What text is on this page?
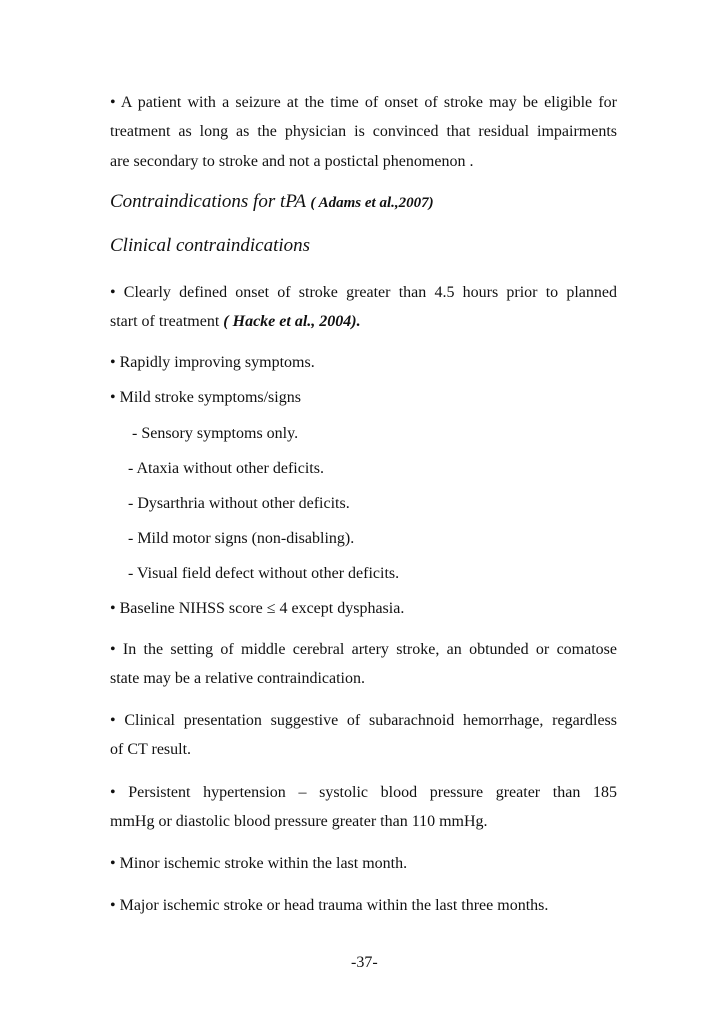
• A patient with a seizure at the time of onset of stroke may be eligible for
treatment as long as the physician is convinced that residual impairments
are secondary to stroke and not a postictal phenomenon .
Contraindications for tPA ( Adams et al.,2007)
Clinical contraindications
• Clearly defined onset of stroke greater than 4.5 hours prior to planned
start of treatment ( Hacke et al., 2004).
• Rapidly improving symptoms.
• Mild stroke symptoms/signs
- Sensory symptoms only.
- Ataxia without other deficits.
- Dysarthria without other deficits.
- Mild motor signs (non-disabling).
- Visual field defect without other deficits.
• Baseline NIHSS score ≤ 4 except dysphasia.
• In the setting of middle cerebral artery stroke, an obtunded or comatose
state may be a relative contraindication.
• Clinical presentation suggestive of subarachnoid hemorrhage, regardless
of CT result.
• Persistent hypertension – systolic blood pressure greater than 185
mmHg or diastolic blood pressure greater than 110 mmHg.
• Minor ischemic stroke within the last month.
• Major ischemic stroke or head trauma within the last three months.
-37-
